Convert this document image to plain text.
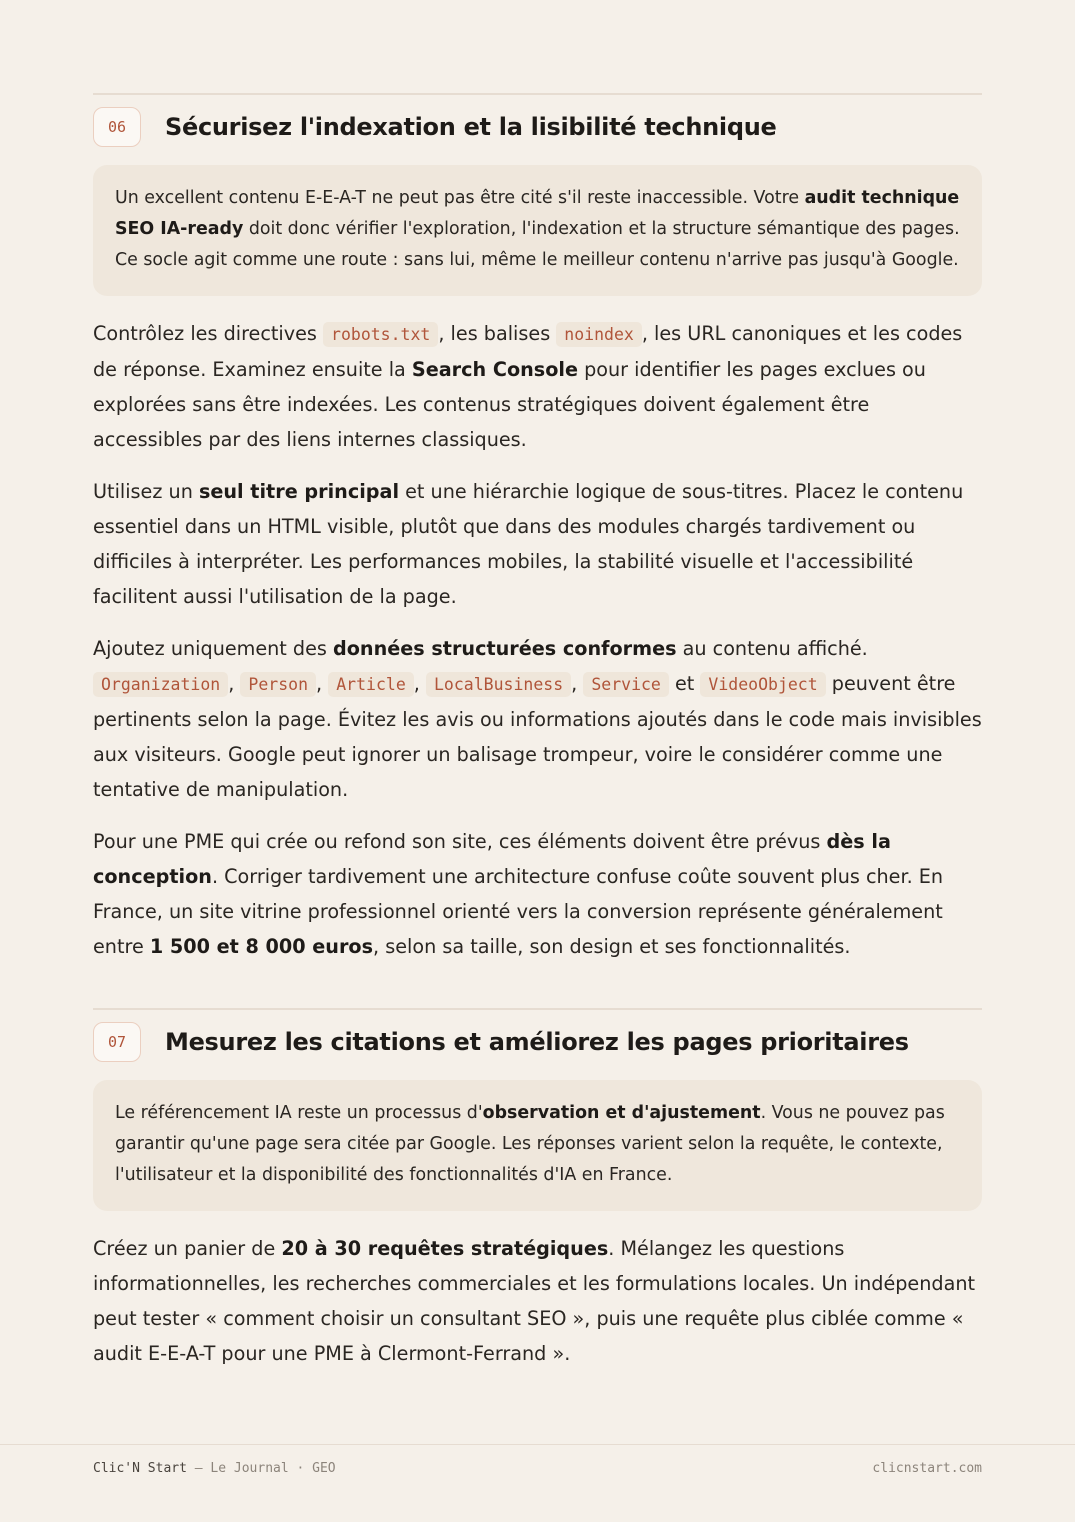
06	Sécurisez l'indexation et la lisibilité technique
Un excellent contenu E-E-A-T ne peut pas être cité s'il reste inaccessible. Votre audit technique SEO IA-ready doit donc vérifier l'exploration, l'indexation et la structure sémantique des pages. Ce socle agit comme une route : sans lui, même le meilleur contenu n'arrive pas jusqu'à Google.

Contrôlez les directives robots.txt , les balises noindex , les URL canoniques et les codes de réponse. Examinez ensuite la Search Console pour identifier les pages exclues ou explorées sans être indexées. Les contenus stratégiques doivent également être accessibles par des liens internes classiques.

Utilisez un seul titre principal et une hiérarchie logique de sous-titres. Placez le contenu essentiel dans un HTML visible, plutôt que dans des modules chargés tardivement ou difficiles à interpréter. Les performances mobiles, la stabilité visuelle et l'accessibilité facilitent aussi l'utilisation de la page.

Ajoutez uniquement des données structurées conformes au contenu affiché. Organization , Person , Article , LocalBusiness , Service et VideoObject peuvent être pertinents selon la page. Évitez les avis ou informations ajoutés dans le code mais invisibles aux visiteurs. Google peut ignorer un balisage trompeur, voire le considérer comme une tentative de manipulation.

Pour une PME qui crée ou refond son site, ces éléments doivent être prévus dès la conception. Corriger tardivement une architecture confuse coûte souvent plus cher. En France, un site vitrine professionnel orienté vers la conversion représente généralement entre 1 500 et 8 000 euros, selon sa taille, son design et ses fonctionnalités.

07	Mesurez les citations et améliorez les pages prioritaires
Le référencement IA reste un processus d'observation et d'ajustement. Vous ne pouvez pas garantir qu'une page sera citée par Google. Les réponses varient selon la requête, le contexte, l'utilisateur et la disponibilité des fonctionnalités d'IA en France.

Créez un panier de 20 à 30 requêtes stratégiques. Mélangez les questions informationnelles, les recherches commerciales et les formulations locales. Un indépendant peut tester « comment choisir un consultant SEO », puis une requête plus ciblée comme « audit E-E-A-T pour une PME à Clermont-Ferrand ».

Clic'N Start — Le Journal · GEO	clicnstart.com
